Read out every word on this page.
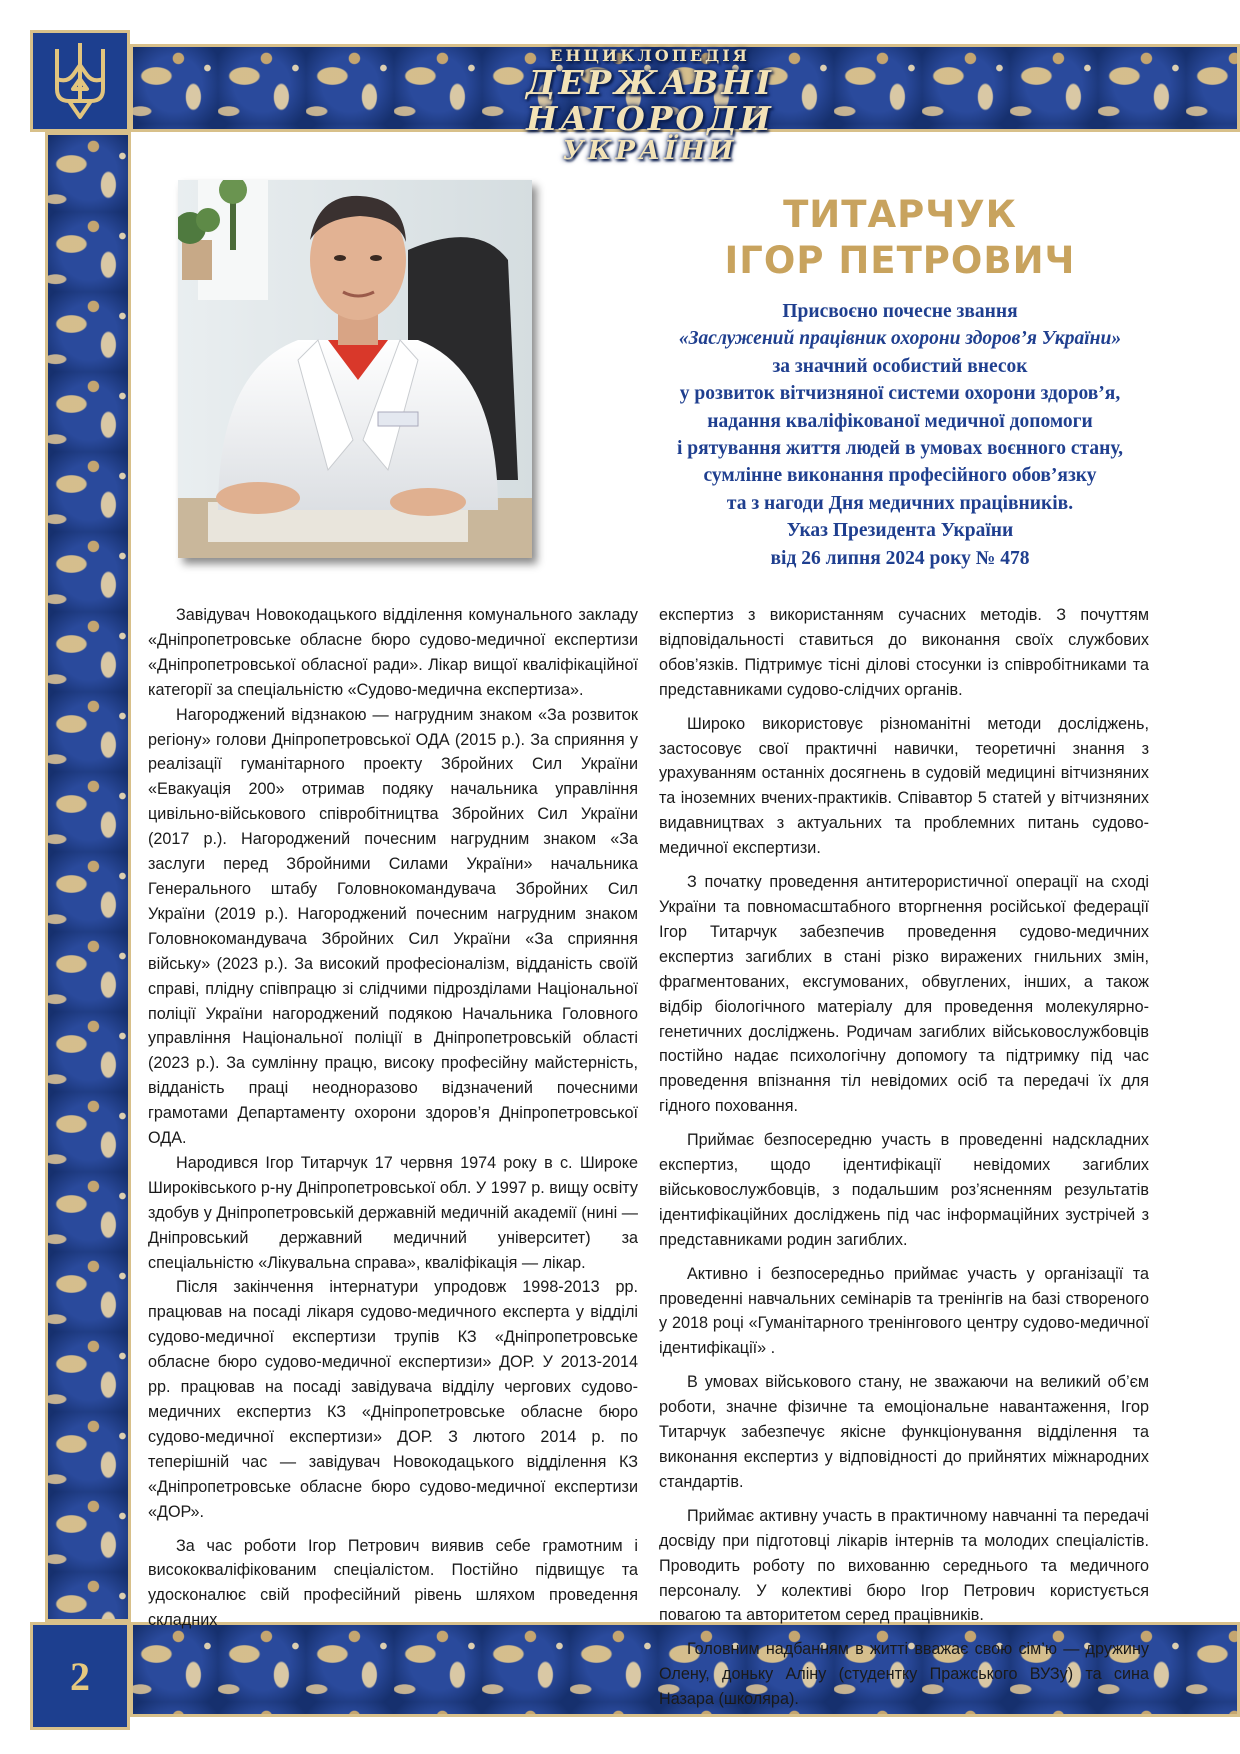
ЕНЦИКЛОПЕДІЯ
ДЕРЖАВНІ НАГОРОДИ
УКРАЇНИ
2
ТИТАРЧУК
ІГОР ПЕТРОВИЧ
Присвоєно почесне звання
«Заслужений працівник охорони здоров’я України»
за значний особистий внесок
у розвиток вітчизняної системи охорони здоров’я,
надання кваліфікованої медичної допомоги
і рятування життя людей в умовах воєнного стану,
сумлінне виконання професійного обов’язку
та з нагоди Дня медичних працівників.
Указ Президента України
від 26 липня 2024 року № 478

Завідувач Новокодацького відділення комунального закладу «Дніпропетровське обласне бюро судово-медичної експертизи «Дніпропетровської обласної ради». Лікар вищої кваліфікаційної категорії за спеціальністю «Судово-медична експертиза».

Нагороджений відзнакою — нагрудним знаком «За розвиток регіону» голови Дніпропетровської ОДА (2015 р.). За сприяння у реалізації гуманітарного проекту Збройних Сил України «Евакуація 200» отримав подяку начальника управління цивільно-військового співробітництва Збройних Сил України (2017 р.). Нагороджений почесним нагрудним знаком «За заслуги перед Збройними Силами України» начальника Генерального штабу Головнокомандувача Збройних Сил України (2019 р.). Нагороджений почесним нагрудним знаком Головнокомандувача Збройних Сил України «За сприяння війську» (2023 р.). За високий професіоналізм, відданість своїй справі, плідну співпрацю зі слідчими підрозділами Національної поліції України нагороджений подякою Начальника Головного управління Національної поліції в Дніпропетровській області (2023 р.). За сумлінну працю, високу професійну майстерність, відданість праці неодноразово відзначений почесними грамотами Департаменту охорони здоров’я Дніпропетровської ОДА.

Народився Ігор Титарчук 17 червня 1974 року в с. Широке Широківського р-ну Дніпропетровської обл. У 1997 р. вищу освіту здобув у Дніпропетровській державній медичній академії (нині — Дніпровський державний медичний університет) за спеціальністю «Лікувальна справа», кваліфікація — лікар.

Після закінчення інтернатури упродовж 1998-2013 рр. працював на посаді лікаря судово-медичного експерта у відділі судово-медичної експертизи трупів КЗ «Дніпропетровське обласне бюро судово-медичної експертизи» ДОР. У 2013-2014 рр. працював на посаді завідувача відділу чергових судово-медичних експертиз КЗ «Дніпропетровське обласне бюро судово-медичної експертизи» ДОР. З лютого 2014 р. по теперішній час — завідувач Новокодацького відділення КЗ «Дніпропетровське обласне бюро судово-медичної експертизи «ДОР».

За час роботи Ігор Петрович виявив себе грамотним і висококваліфікованим спеціалістом. Постійно підвищує та удосконалює свій професійний рівень шляхом проведення складних

експертиз з використанням сучасних методів. З почуттям відповідальності ставиться до виконання своїх службових обов’язків. Підтримує тісні ділові стосунки із співробітниками та представниками судово-слідчих органів.

Широко використовує різноманітні методи досліджень, застосовує свої практичні навички, теоретичні знання з урахуванням останніх досягнень в судовій медицині вітчизняних та іноземних вчених-практиків. Співавтор 5 статей у вітчизняних видавництвах з актуальних та проблемних питань судово-медичної експертизи.

З початку проведення антитерористичної операції на сході України та повномасштабного вторгнення російської федерації Ігор Титарчук забезпечив проведення судово-медичних експертиз загиблих в стані різко виражених гнильних змін, фрагментованих, ексгумованих, обвуглених, інших, а також відбір біологічного матеріалу для проведення молекулярно-генетичних досліджень. Родичам загиблих військовослужбовців постійно надає психологічну допомогу та підтримку під час проведення впізнання тіл невідомих осіб та передачі їх для гідного поховання.

Приймає безпосередню участь в проведенні надскладних експертиз, щодо ідентифікації невідомих загиблих військовослужбовців, з подальшим роз’ясненням результатів ідентифікаційних досліджень під час інформаційних зустрічей з представниками родин загиблих.

Активно і безпосередньо приймає участь у організації та проведенні навчальних семінарів та тренінгів на базі створеного у 2018 році «Гуманітарного тренінгового центру судово-медичної ідентифікації» .

В умовах військового стану, не зважаючи на великий об’єм роботи, значне фізичне та емоціональне навантаження, Ігор Титарчук забезпечує якісне функціонування відділення та виконання експертиз у відповідності до прийнятих міжнародних стандартів.

Приймає активну участь в практичному навчанні та передачі досвіду при підготовці лікарів інтернів та молодих спеціалістів. Проводить роботу по вихованню середнього та медичного персоналу. У колективі бюро Ігор Петрович користується повагою та авторитетом серед працівників.

Головним надбанням в житті вважає свою сім’ю — дружину Олену, доньку Аліну (студентку Пражського ВУЗу) та сина Назара (школяра).
